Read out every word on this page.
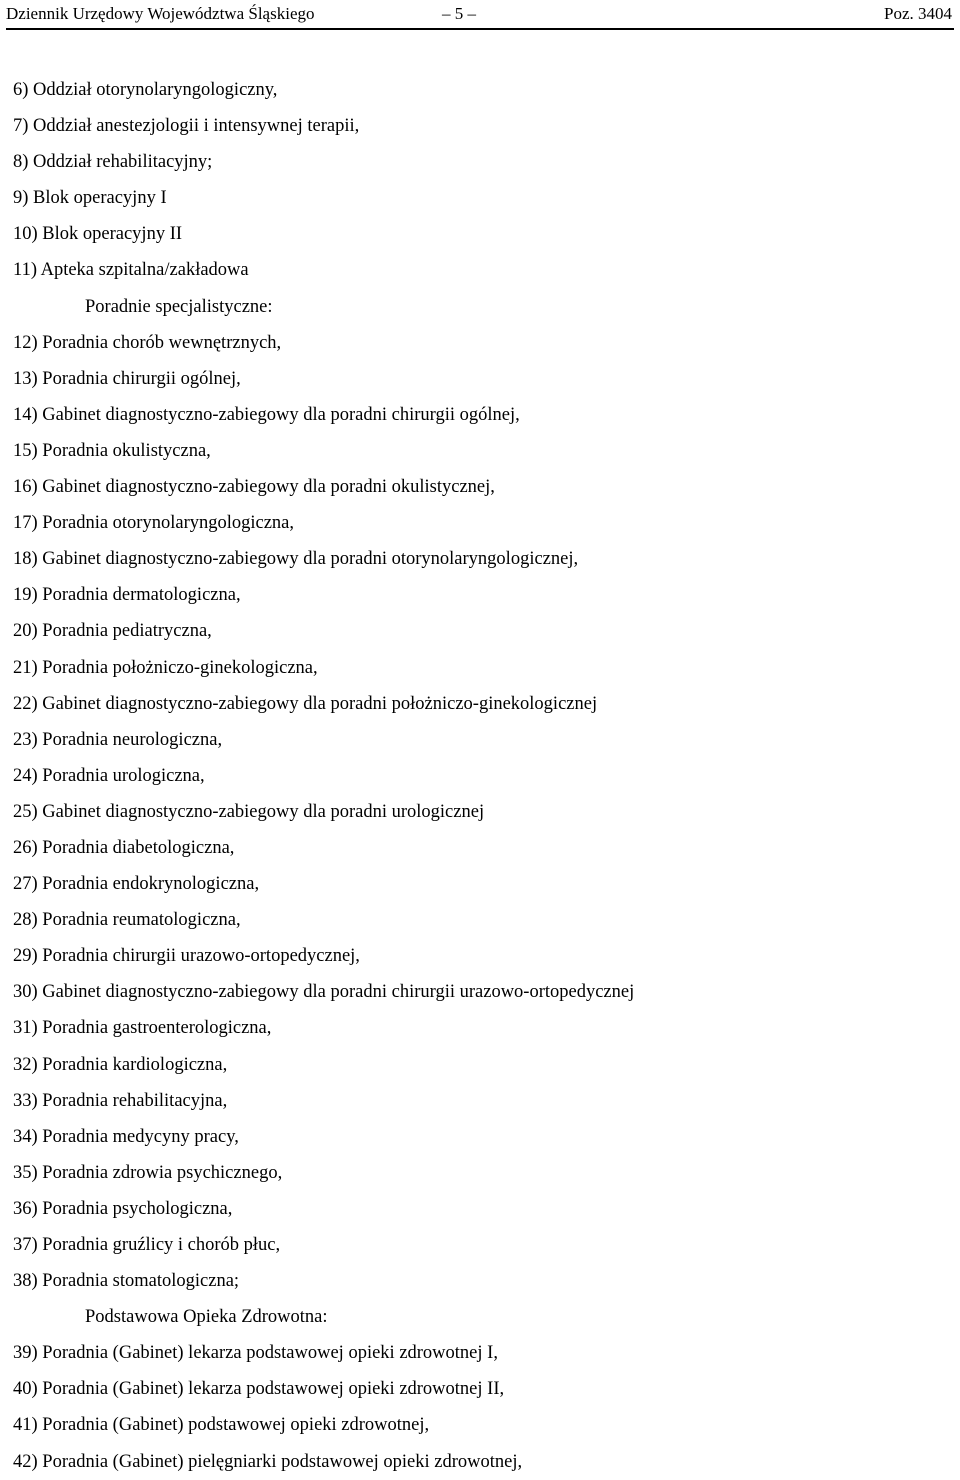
Dziennik Urzędowy Województwa Śląskiego	– 5 –	Poz. 3404
6) Oddział otorynolaryngologiczny,
7) Oddział anestezjologii i intensywnej terapii,
8) Oddział rehabilitacyjny;
9) Blok operacyjny I
10) Blok operacyjny II
11) Apteka szpitalna/zakładowa
Poradnie specjalistyczne:
12) Poradnia chorób wewnętrznych,
13) Poradnia chirurgii ogólnej,
14) Gabinet diagnostyczno-zabiegowy dla poradni chirurgii ogólnej,
15) Poradnia okulistyczna,
16) Gabinet diagnostyczno-zabiegowy dla poradni okulistycznej,
17) Poradnia otorynolaryngologiczna,
18) Gabinet diagnostyczno-zabiegowy dla poradni otorynolaryngologicznej,
19) Poradnia dermatologiczna,
20) Poradnia pediatryczna,
21) Poradnia położniczo-ginekologiczna,
22) Gabinet diagnostyczno-zabiegowy dla poradni położniczo-ginekologicznej
23) Poradnia neurologiczna,
24) Poradnia urologiczna,
25) Gabinet diagnostyczno-zabiegowy dla poradni urologicznej
26) Poradnia diabetologiczna,
27) Poradnia endokrynologiczna,
28) Poradnia reumatologiczna,
29) Poradnia chirurgii urazowo-ortopedycznej,
30) Gabinet diagnostyczno-zabiegowy dla poradni chirurgii urazowo-ortopedycznej
31) Poradnia gastroenterologiczna,
32) Poradnia kardiologiczna,
33) Poradnia rehabilitacyjna,
34) Poradnia medycyny pracy,
35) Poradnia zdrowia psychicznego,
36) Poradnia psychologiczna,
37) Poradnia gruźlicy i chorób płuc,
38) Poradnia stomatologiczna;
Podstawowa Opieka Zdrowotna:
39) Poradnia (Gabinet) lekarza podstawowej opieki zdrowotnej I,
40) Poradnia (Gabinet) lekarza podstawowej opieki zdrowotnej II,
41) Poradnia (Gabinet) podstawowej opieki zdrowotnej,
42) Poradnia (Gabinet) pielęgniarki podstawowej opieki zdrowotnej,
